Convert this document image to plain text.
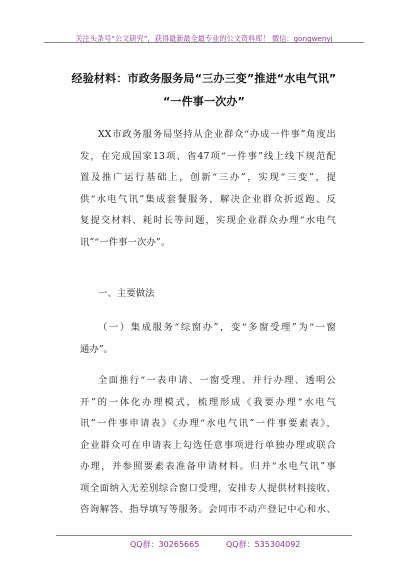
关注头条号“公文研究”，获得最新最全最专业的公文资料库！ 微信：gongwenyj
经验材料：市政务服务局“三办三变”推进“水电气讯”
“一件事一次办”
XX市政务服务局坚持从企业群众“办成一件事”角度出
发，在完成国家13项、省47项“一件事”线上线下规范配
置及推广运行基础上，创新“三办”，实现“三变”，提
供“水电气讯”集成套餐服务，解决企业群众折返跑、反
复提交材料、耗时长等问题，实现企业群众办理“水电气
讯”“一件事一次办”。
一、主要做法
（一）集成服务“综窗办”，变“多窗受理”为“一窗
通办”。
全面推行“一表申请、一窗受理、并行办理、透明公
开”的一体化办理模式，梳理形成《我要办理“水电气
讯”一件事申请表》《办理“水电气讯”一件事要素表》，
企业群众可在申请表上勾选任意事项进行单独办理或联合
办理，并参照要素表准备申请材料。归并“水电气讯”事
项全面纳入无差别综合窗口受理，安排专人提供材料接收、
咨询解答、指导填写等服务。会同市不动产登记中心和水、
QQ群：30265665	QQ群：535304092
